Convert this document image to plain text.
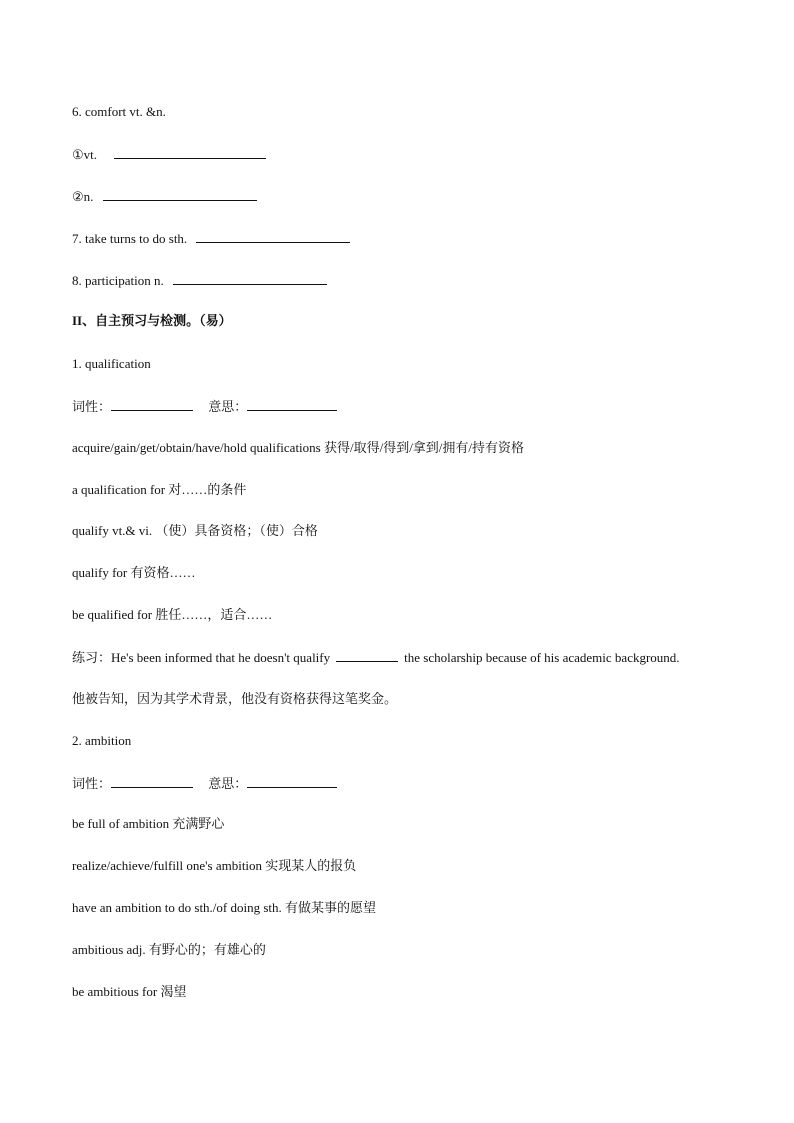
6. comfort vt. &n.
①vt.
②n.
7. take turns to do sth.
8. participation n.
II、自主预习与检测。（易）
1. qualification
词性：	意思：
acquire/gain/get/obtain/have/hold qualifications 获得/取得/得到/拿到/拥有/持有资格
a qualification for 对……的条件
qualify vt.& vi. （使）具备资格；（使）合格
qualify for 有资格……
be qualified for 胜任……，适合……
练习：He's been informed that he doesn't qualify	the scholarship because of his academic background.
他被告知，因为其学术背景，他没有资格获得这笔奖金。
2. ambition
词性：	意思：
be full of ambition 充满野心
realize/achieve/fulfill one's ambition 实现某人的报负
have an ambition to do sth./of doing sth. 有做某事的愿望
ambitious adj. 有野心的；有雄心的
be ambitious for 渴望
